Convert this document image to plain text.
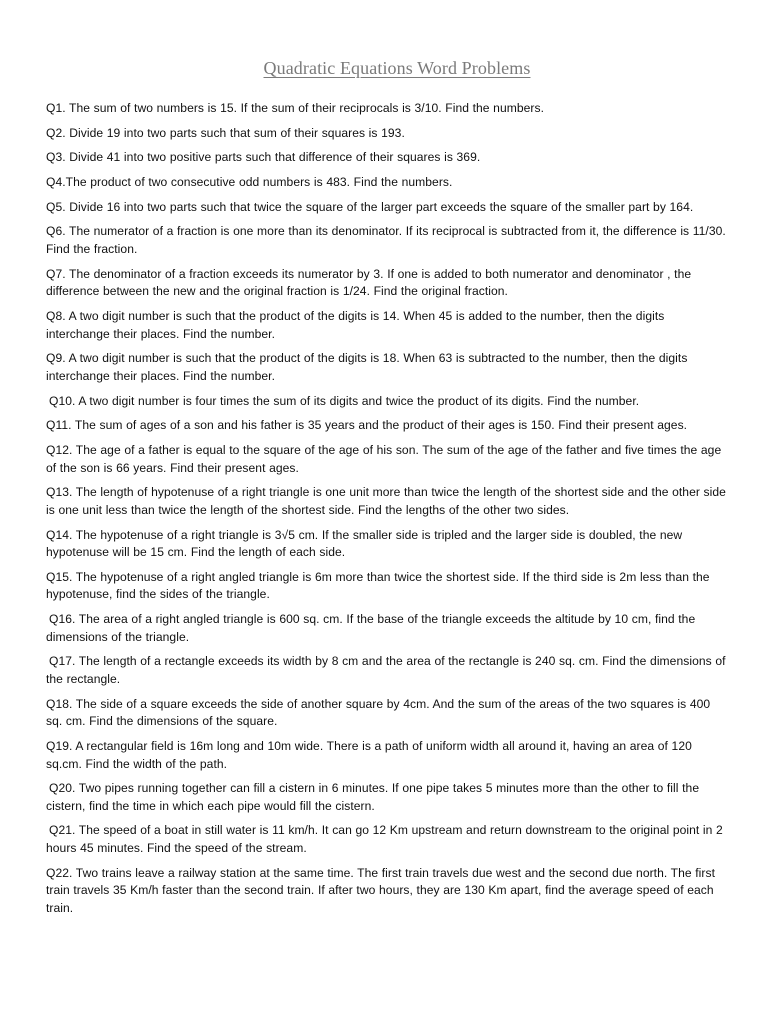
Quadratic Equations Word Problems
Q1. The sum of two numbers is 15. If the sum of their reciprocals is 3/10. Find the numbers.
Q2. Divide 19 into two parts such that sum of their squares is 193.
Q3. Divide 41 into two positive parts such that difference of their squares is 369.
Q4.The product of two consecutive odd numbers is 483. Find the numbers.
Q5. Divide 16 into two parts such that twice the square of the larger part exceeds the square of the smaller part by 164.
Q6. The numerator of a fraction is one more than its denominator. If its reciprocal is subtracted from it, the difference is 11/30. Find the fraction.
Q7. The denominator of a fraction exceeds its numerator by 3. If one is added to both numerator and denominator , the difference between the new and the original fraction is 1/24. Find the original fraction.
Q8. A two digit number is such that the product of the digits is 14. When 45 is added to the number, then the digits interchange their places. Find the number.
Q9. A two digit number is such that the product of the digits is 18. When 63 is subtracted to the number, then the digits interchange their places. Find the number.
Q10. A two digit number is four times the sum of its digits and twice the product of its digits. Find the number.
Q11. The sum of ages of a son and his father is 35 years and the product of their ages is 150. Find their present ages.
Q12. The age of a father is equal to the square of the age of his son. The sum of the age of the father and five times the age of the son is 66 years. Find their present ages.
Q13. The length of hypotenuse of a right triangle is one unit more than twice the length of the shortest side and the other side is one unit less than twice the length of the shortest side. Find the lengths of the other two sides.
Q14. The hypotenuse of a right triangle is 3√5 cm. If the smaller side is tripled and the larger side is doubled, the new hypotenuse will be 15 cm. Find the length of each side.
Q15. The hypotenuse of a right angled triangle is 6m more than twice the shortest side. If the third side is 2m less than the hypotenuse, find the sides of the triangle.
Q16. The area of a right angled triangle is 600 sq. cm. If the base of the triangle exceeds the altitude by 10 cm, find the dimensions of the triangle.
Q17. The length of a rectangle exceeds its width by 8 cm and the area of the rectangle is 240 sq. cm. Find the dimensions of the rectangle.
Q18. The side of a square exceeds the side of another square by 4cm. And the sum of the areas of the two squares is 400 sq. cm. Find the dimensions of the square.
Q19. A rectangular field is 16m long and 10m wide. There is a path of uniform width all around it, having an area of 120 sq.cm. Find the width of the path.
Q20. Two pipes running together can fill a cistern in 6 minutes. If one pipe takes 5 minutes more than the other to fill the cistern, find the time in which each pipe would fill the cistern.
Q21. The speed of a boat in still water is 11 km/h. It can go 12 Km upstream and return downstream to the original point in 2 hours 45 minutes. Find the speed of the stream.
Q22. Two trains leave a railway station at the same time. The first train travels due west and the second due north. The first train travels 35 Km/h faster than the second train. If after two hours, they are 130 Km apart, find the average speed of each train.
